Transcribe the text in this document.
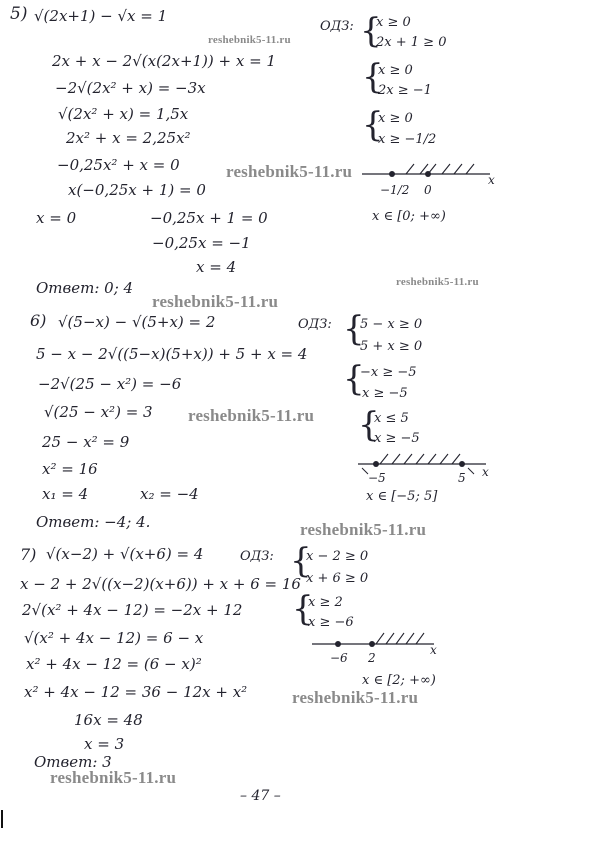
5) √(2x+1) − √x = 1
2x + x − 2√(x(2x+1)) + x = 1
−2√(2x² + x) = −3x
√(2x² + x) = 1,5x
2x² + x = 2,25x²
−0,25x² + x = 0
x(−0,25x + 1) = 0
x = 0	−0,25x + 1 = 0
−0,25x = −1
x = 4
Ответ: 0; 4
ОДЗ: {
x ≥ 0
2x + 1 ≥ 0
{
x ≥ 0
2x ≥ −1
{
x ≥ 0
x ≥ −1/2
−1/2 0
x
x ∈ [0; +∞)
6) √(5−x) − √(5+x) = 2
5 − x − 2√((5−x)(5+x)) + 5 + x = 4
−2√(25 − x²) = −6
√(25 − x²) = 3
25 − x² = 9
x² = 16
x₁ = 4	x₂ = −4
Ответ: −4; 4.
ОДЗ: {
5 − x ≥ 0
5 + x ≥ 0
{
−x ≥ −5
x ≥ −5
{
x ≤ 5
x ≥ −5
−5	5 x
x ∈ [−5; 5]
7) √(x−2) + √(x+6) = 4
x − 2 + 2√((x−2)(x+6)) + x + 6 = 16
2√(x² + 4x − 12) = −2x + 12
√(x² + 4x − 12) = 6 − x
x² + 4x − 12 = (6 − x)²
x² + 4x − 12 = 36 − 12x + x²
16x = 48
x = 3
Ответ: 3
ОДЗ: {
x − 2 ≥ 0
x + 6 ≥ 0
{
x ≥ 2
x ≥ −6
−6 2
x
x ∈ [2; +∞)
reshebnik5-11.ru
reshebnik5-11.ru
reshebnik5-11.ru
reshebnik5-11.ru
reshebnik5-11.ru
reshebnik5-11.ru
reshebnik5-11.ru
reshebnik5-11.ru
– 47 –
